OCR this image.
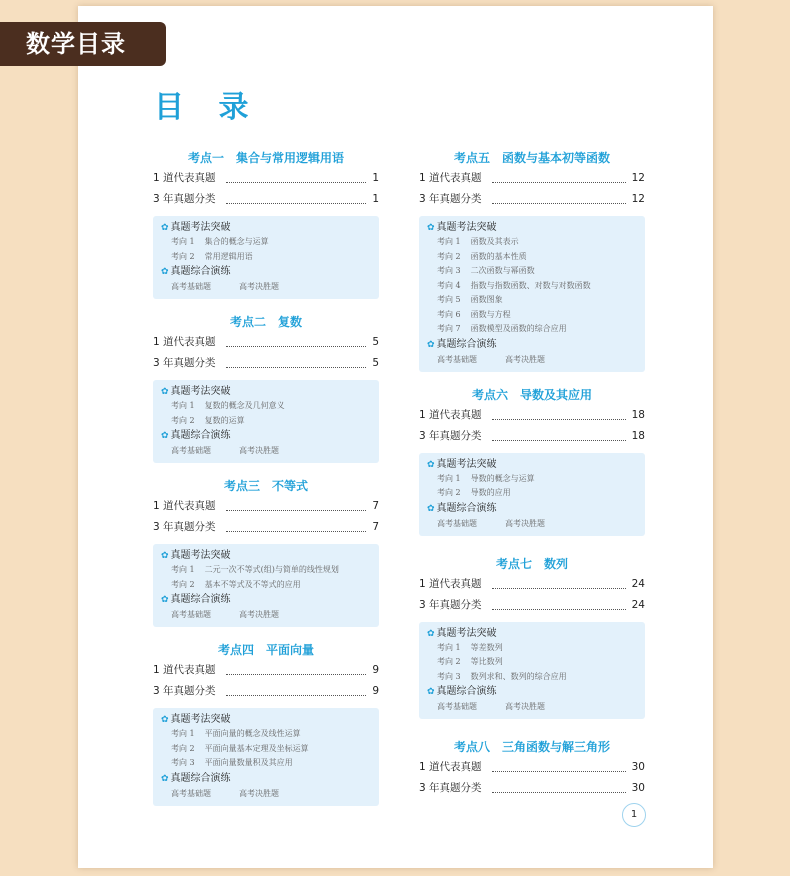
数学目录
目 录
考点一 集合与常用逻辑用语
1 道代表真题	1
3 年真题分类	1
✿ 真题考法突破
考向 1 集合的概念与运算
考向 2 常用逻辑用语
✿ 真题综合演练
高考基础题	高考决胜题
考点二 复数
1 道代表真题	5
3 年真题分类	5
✿ 真题考法突破
考向 1 复数的概念及几何意义
考向 2 复数的运算
✿ 真题综合演练
高考基础题	高考决胜题
考点三 不等式
1 道代表真题	7
3 年真题分类	7
✿ 真题考法突破
考向 1 二元一次不等式(组)与简单的线性规划
考向 2 基本不等式及不等式的应用
✿ 真题综合演练
高考基础题	高考决胜题
考点四 平面向量
1 道代表真题	9
3 年真题分类	9
✿ 真题考法突破
考向 1 平面向量的概念及线性运算
考向 2 平面向量基本定理及坐标运算
考向 3 平面向量数量积及其应用
✿ 真题综合演练
高考基础题	高考决胜题
考点五 函数与基本初等函数
1 道代表真题	12
3 年真题分类	12
✿ 真题考法突破
考向 1 函数及其表示
考向 2 函数的基本性质
考向 3 二次函数与幂函数
考向 4 指数与指数函数、对数与对数函数
考向 5 函数图象
考向 6 函数与方程
考向 7 函数模型及函数的综合应用
✿ 真题综合演练
高考基础题	高考决胜题
考点六 导数及其应用
1 道代表真题	18
3 年真题分类	18
✿ 真题考法突破
考向 1 导数的概念与运算
考向 2 导数的应用
✿ 真题综合演练
高考基础题	高考决胜题
考点七 数列
1 道代表真题	24
3 年真题分类	24
✿ 真题考法突破
考向 1 等差数列
考向 2 等比数列
考向 3 数列求和、数列的综合应用
✿ 真题综合演练
高考基础题	高考决胜题
考点八 三角函数与解三角形
1 道代表真题	30
3 年真题分类	30
1
